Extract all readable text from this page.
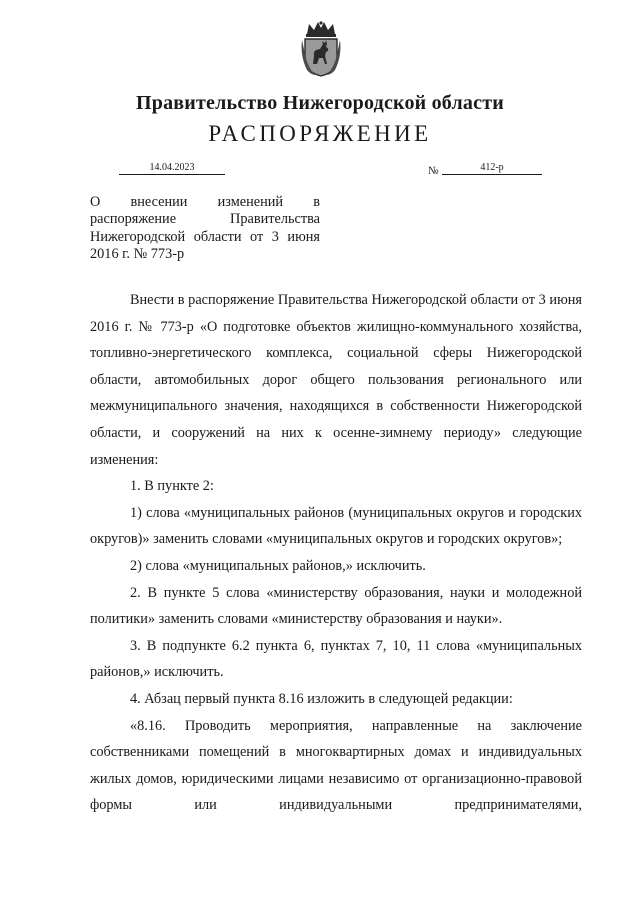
Правительство Нижегородской области
РАСПОРЯЖЕНИЕ
14.04.2023	№	412-р
О внесении изменений в распоряжение Правительства Нижегородской области от 3 июня 2016 г. № 773-р

Внести в распоряжение Правительства Нижегородской области от 3 июня 2016 г. № 773-р «О подготовке объектов жилищно-коммунального хозяйства, топливно-энергетического комплекса, социальной сферы Нижегородской области, автомобильных дорог общего пользования регионального или межмуниципального значения, находящихся в собственности Нижегородской области, и сооружений на них к осенне-зимнему периоду» следующие изменения:

1. В пункте 2:

1) слова «муниципальных районов (муниципальных округов и городских округов)» заменить словами «муниципальных округов и городских округов»;

2) слова «муниципальных районов,» исключить.

2. В пункте 5 слова «министерству образования, науки и молодежной политики» заменить словами «министерству образования и науки».

3. В подпункте 6.2 пункта 6, пунктах 7, 10, 11 слова «муниципальных районов,» исключить.

4. Абзац первый пункта 8.16 изложить в следующей редакции:

«8.16. Проводить мероприятия, направленные на заключение собственниками помещений в многоквартирных домах и индивидуальных жилых домов, юридическими лицами независимо от организационно-правовой формы или индивидуальными предпринимателями,
